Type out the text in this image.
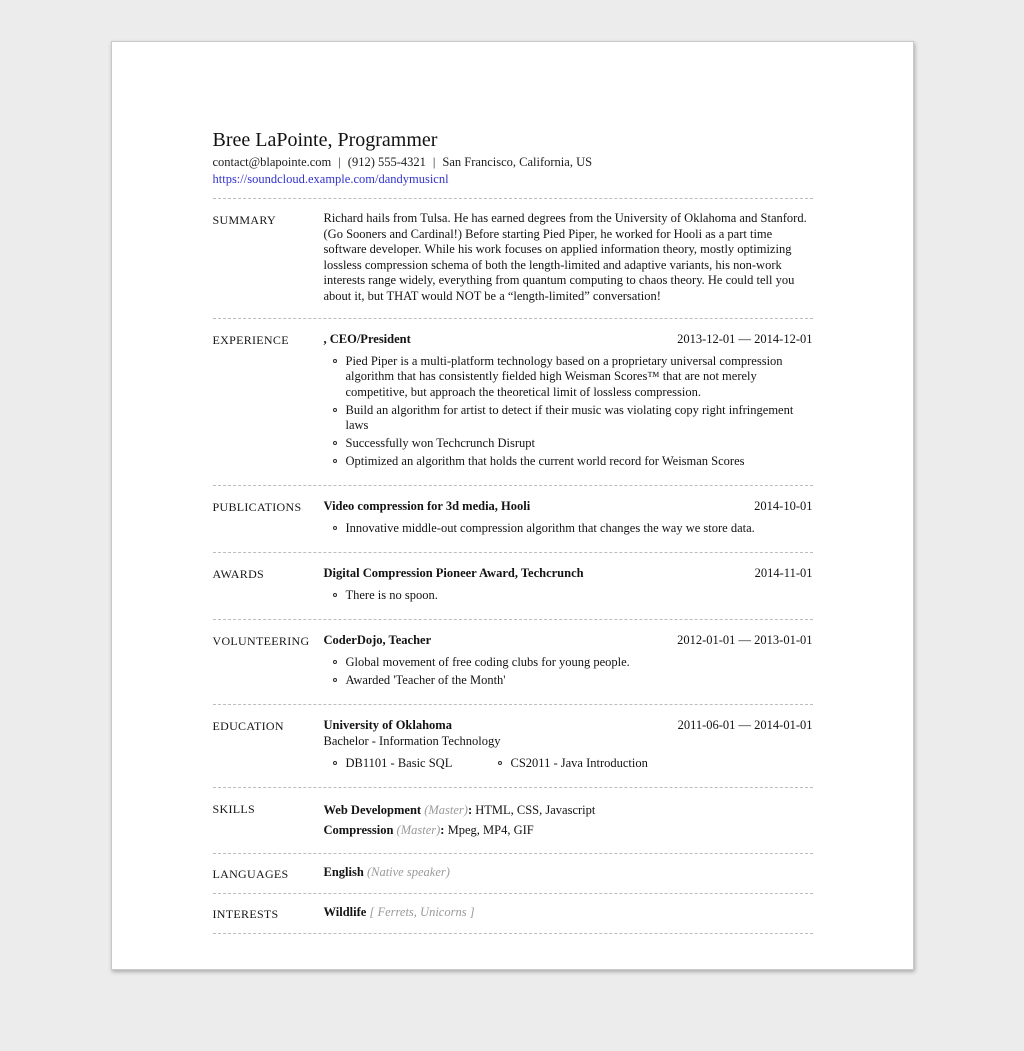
Bree LaPointe, Programmer
contact@blapointe.com | (912) 555-4321 | San Francisco, California, US
https://soundcloud.example.com/dandymusicnl
SUMMARY	Richard hails from Tulsa. He has earned degrees from the University of Oklahoma and Stanford. (Go Sooners and Cardinal!) Before starting Pied Piper, he worked for Hooli as a part time software developer. While his work focuses on applied information theory, mostly optimizing lossless compression schema of both the length-limited and adaptive variants, his non-work interests range widely, everything from quantum computing to chaos theory. He could tell you about it, but THAT would NOT be a “length-limited” conversation!
EXPERIENCE	, CEO/President	2013-12-01 — 2014-12-01
Pied Piper is a multi-platform technology based on a proprietary universal compression algorithm that has consistently fielded high Weisman Scores™ that are not merely competitive, but approach the theoretical limit of lossless compression.
Build an algorithm for artist to detect if their music was violating copy right infringement laws
Successfully won Techcrunch Disrupt
Optimized an algorithm that holds the current world record for Weisman Scores
PUBLICATIONS	Video compression for 3d media, Hooli	2014-10-01
Innovative middle-out compression algorithm that changes the way we store data.
AWARDS	Digital Compression Pioneer Award, Techcrunch	2014-11-01
There is no spoon.
VOLUNTEERING	CoderDojo, Teacher	2012-01-01 — 2013-01-01
Global movement of free coding clubs for young people.
Awarded 'Teacher of the Month'
EDUCATION	University of Oklahoma	2011-06-01 — 2014-01-01
Bachelor - Information Technology
DB1101 - Basic SQL	CS2011 - Java Introduction
SKILLS	Web Development (Master): HTML, CSS, Javascript
Compression (Master): Mpeg, MP4, GIF
LANGUAGES	English (Native speaker)
INTERESTS	Wildlife [ Ferrets, Unicorns ]
